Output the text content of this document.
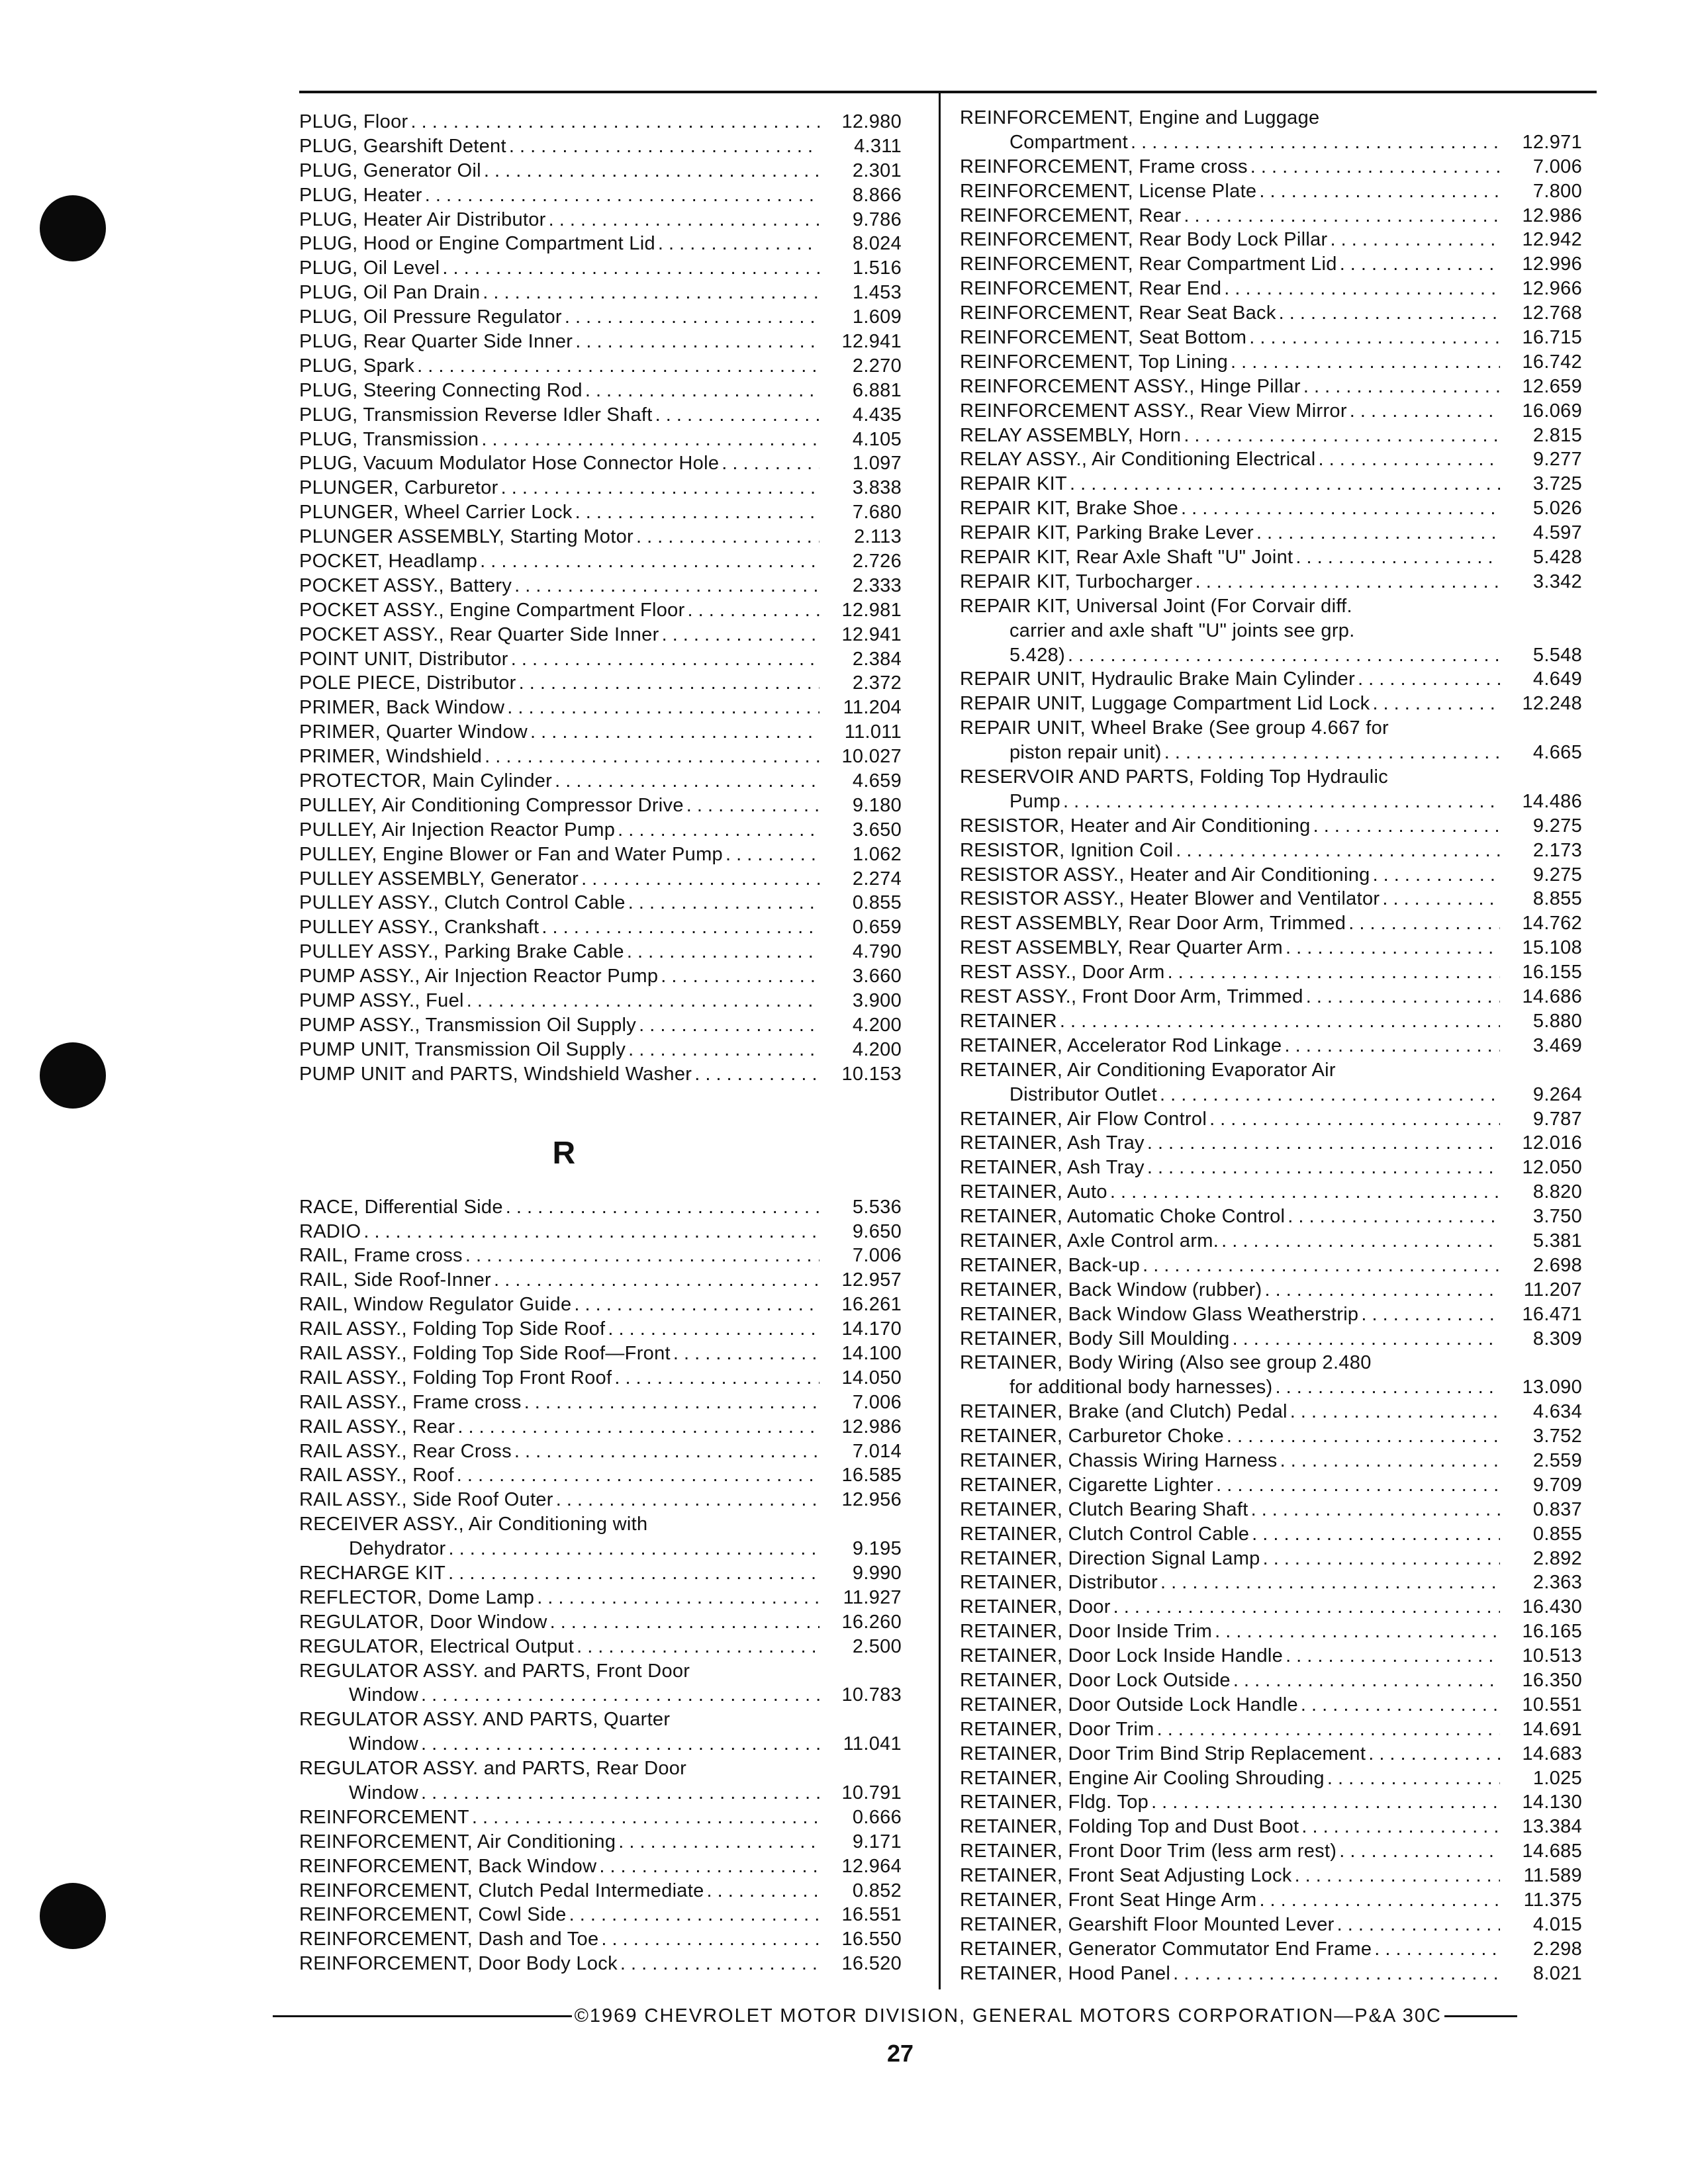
PLUG, Floor . . .	12.980
PLUG, Gearshift Detent . . .	4.311
PLUG, Generator Oil . . .	2.301
PLUG, Heater . . .	8.866
PLUG, Heater Air Distributor . . .	9.786
PLUG, Hood or Engine Compartment Lid . . .	8.024
PLUG, Oil Level . . .	1.516
PLUG, Oil Pan Drain . . .	1.453
PLUG, Oil Pressure Regulator . . .	1.609
PLUG, Rear Quarter Side Inner . . .	12.941
PLUG, Spark . . .	2.270
PLUG, Steering Connecting Rod . . .	6.881
PLUG, Transmission Reverse Idler Shaft . . .	4.435
PLUG, Transmission . . .	4.105
PLUG, Vacuum Modulator Hose Connector Hole . . .	1.097
PLUNGER, Carburetor . . .	3.838
PLUNGER, Wheel Carrier Lock . . .	7.680
PLUNGER ASSEMBLY, Starting Motor . . .	2.113
POCKET, Headlamp . . .	2.726
POCKET ASSY., Battery . . .	2.333
POCKET ASSY., Engine Compartment Floor . . .	12.981
POCKET ASSY., Rear Quarter Side Inner . . .	12.941
POINT UNIT, Distributor . . .	2.384
POLE PIECE, Distributor . . .	2.372
PRIMER, Back Window . . .	11.204
PRIMER, Quarter Window . . .	11.011
PRIMER, Windshield . . .	10.027
PROTECTOR, Main Cylinder . . .	4.659
PULLEY, Air Conditioning Compressor Drive . . .	9.180
PULLEY, Air Injection Reactor Pump . . .	3.650
PULLEY, Engine Blower or Fan and Water Pump . . .	1.062
PULLEY ASSEMBLY, Generator . . .	2.274
PULLEY ASSY., Clutch Control Cable . . .	0.855
PULLEY ASSY., Crankshaft . . .	0.659
PULLEY ASSY., Parking Brake Cable . . .	4.790
PUMP ASSY., Air Injection Reactor Pump . . .	3.660
PUMP ASSY., Fuel . . .	3.900
PUMP ASSY., Transmission Oil Supply . . .	4.200
PUMP UNIT, Transmission Oil Supply . . .	4.200
PUMP UNIT and PARTS, Windshield Washer . . .	10.153
R
RACE, Differential Side . . .	5.536
RADIO . . .	9.650
RAIL, Frame cross . . .	7.006
RAIL, Side Roof-Inner . . .	12.957
RAIL, Window Regulator Guide . . .	16.261
RAIL ASSY., Folding Top Side Roof . . .	14.170
RAIL ASSY., Folding Top Side Roof—Front . . .	14.100
RAIL ASSY., Folding Top Front Roof . . .	14.050
RAIL ASSY., Frame cross . . .	7.006
RAIL ASSY., Rear . . .	12.986
RAIL ASSY., Rear Cross . . .	7.014
RAIL ASSY., Roof . . .	16.585
RAIL ASSY., Side Roof Outer . . .	12.956
RECEIVER ASSY., Air Conditioning with
Dehydrator . . .	9.195
RECHARGE KIT . . .	9.990
REFLECTOR, Dome Lamp . . .	11.927
REGULATOR, Door Window . . .	16.260
REGULATOR, Electrical Output . . .	2.500
REGULATOR ASSY. and PARTS, Front Door
Window . . .	10.783
REGULATOR ASSY. AND PARTS, Quarter
Window . . .	11.041
REGULATOR ASSY. and PARTS, Rear Door
Window . . .	10.791
REINFORCEMENT . . .	0.666
REINFORCEMENT, Air Conditioning . . .	9.171
REINFORCEMENT, Back Window . . .	12.964
REINFORCEMENT, Clutch Pedal Intermediate . . .	0.852
REINFORCEMENT, Cowl Side . . .	16.551
REINFORCEMENT, Dash and Toe . . .	16.550
REINFORCEMENT, Door Body Lock . . .	16.520
REINFORCEMENT, Engine and Luggage
Compartment . . .	12.971
REINFORCEMENT, Frame cross . . .	7.006
REINFORCEMENT, License Plate . . .	7.800
REINFORCEMENT, Rear . . .	12.986
REINFORCEMENT, Rear Body Lock Pillar . . .	12.942
REINFORCEMENT, Rear Compartment Lid . . .	12.996
REINFORCEMENT, Rear End . . .	12.966
REINFORCEMENT, Rear Seat Back . . .	12.768
REINFORCEMENT, Seat Bottom . . .	16.715
REINFORCEMENT, Top Lining . . .	16.742
REINFORCEMENT ASSY., Hinge Pillar . . .	12.659
REINFORCEMENT ASSY., Rear View Mirror . . .	16.069
RELAY ASSEMBLY, Horn . . .	2.815
RELAY ASSY., Air Conditioning Electrical . . .	9.277
REPAIR KIT . . .	3.725
REPAIR KIT, Brake Shoe . . .	5.026
REPAIR KIT, Parking Brake Lever . . .	4.597
REPAIR KIT, Rear Axle Shaft "U" Joint . . .	5.428
REPAIR KIT, Turbocharger . . .	3.342
REPAIR KIT, Universal Joint (For Corvair diff.
carrier and axle shaft "U" joints see grp.
5.428) . . .	5.548
REPAIR UNIT, Hydraulic Brake Main Cylinder . . .	4.649
REPAIR UNIT, Luggage Compartment Lid Lock . . .	12.248
REPAIR UNIT, Wheel Brake (See group 4.667 for
piston repair unit) . . .	4.665
RESERVOIR AND PARTS, Folding Top Hydraulic
Pump . . .	14.486
RESISTOR, Heater and Air Conditioning . . .	9.275
RESISTOR, Ignition Coil . . .	2.173
RESISTOR ASSY., Heater and Air Conditioning . . .	9.275
RESISTOR ASSY., Heater Blower and Ventilator . . .	8.855
REST ASSEMBLY, Rear Door Arm, Trimmed . . .	14.762
REST ASSEMBLY, Rear Quarter Arm . . .	15.108
REST ASSY., Door Arm . . .	16.155
REST ASSY., Front Door Arm, Trimmed . . .	14.686
RETAINER . . .	5.880
RETAINER, Accelerator Rod Linkage . . .	3.469
RETAINER, Air Conditioning Evaporator Air
Distributor Outlet . . .	9.264
RETAINER, Air Flow Control . . .	9.787
RETAINER, Ash Tray . . .	12.016
RETAINER, Ash Tray . . .	12.050
RETAINER, Auto . . .	8.820
RETAINER, Automatic Choke Control . . .	3.750
RETAINER, Axle Control arm. . . .	5.381
RETAINER, Back-up . . .	2.698
RETAINER, Back Window (rubber) . . .	11.207
RETAINER, Back Window Glass Weatherstrip . . .	16.471
RETAINER, Body Sill Moulding . . .	8.309
RETAINER, Body Wiring (Also see group 2.480
for additional body harnesses) . . .	13.090
RETAINER, Brake (and Clutch) Pedal . . .	4.634
RETAINER, Carburetor Choke . . .	3.752
RETAINER, Chassis Wiring Harness . . .	2.559
RETAINER, Cigarette Lighter . . .	9.709
RETAINER, Clutch Bearing Shaft . . .	0.837
RETAINER, Clutch Control Cable . . .	0.855
RETAINER, Direction Signal Lamp . . .	2.892
RETAINER, Distributor . . .	2.363
RETAINER, Door . . .	16.430
RETAINER, Door Inside Trim . . .	16.165
RETAINER, Door Lock Inside Handle . . .	10.513
RETAINER, Door Lock Outside . . .	16.350
RETAINER, Door Outside Lock Handle . . .	10.551
RETAINER, Door Trim . . .	14.691
RETAINER, Door Trim Bind Strip Replacement . . .	14.683
RETAINER, Engine Air Cooling Shrouding . . .	1.025
RETAINER, Fldg. Top . . .	14.130
RETAINER, Folding Top and Dust Boot . . .	13.384
RETAINER, Front Door Trim (less arm rest) . . .	14.685
RETAINER, Front Seat Adjusting Lock . . .	11.589
RETAINER, Front Seat Hinge Arm . . .	11.375
RETAINER, Gearshift Floor Mounted Lever . . .	4.015
RETAINER, Generator Commutator End Frame . . .	2.298
RETAINER, Hood Panel . . .	8.021
©1969 CHEVROLET MOTOR DIVISION, GENERAL MOTORS CORPORATION—P&A 30C
27
